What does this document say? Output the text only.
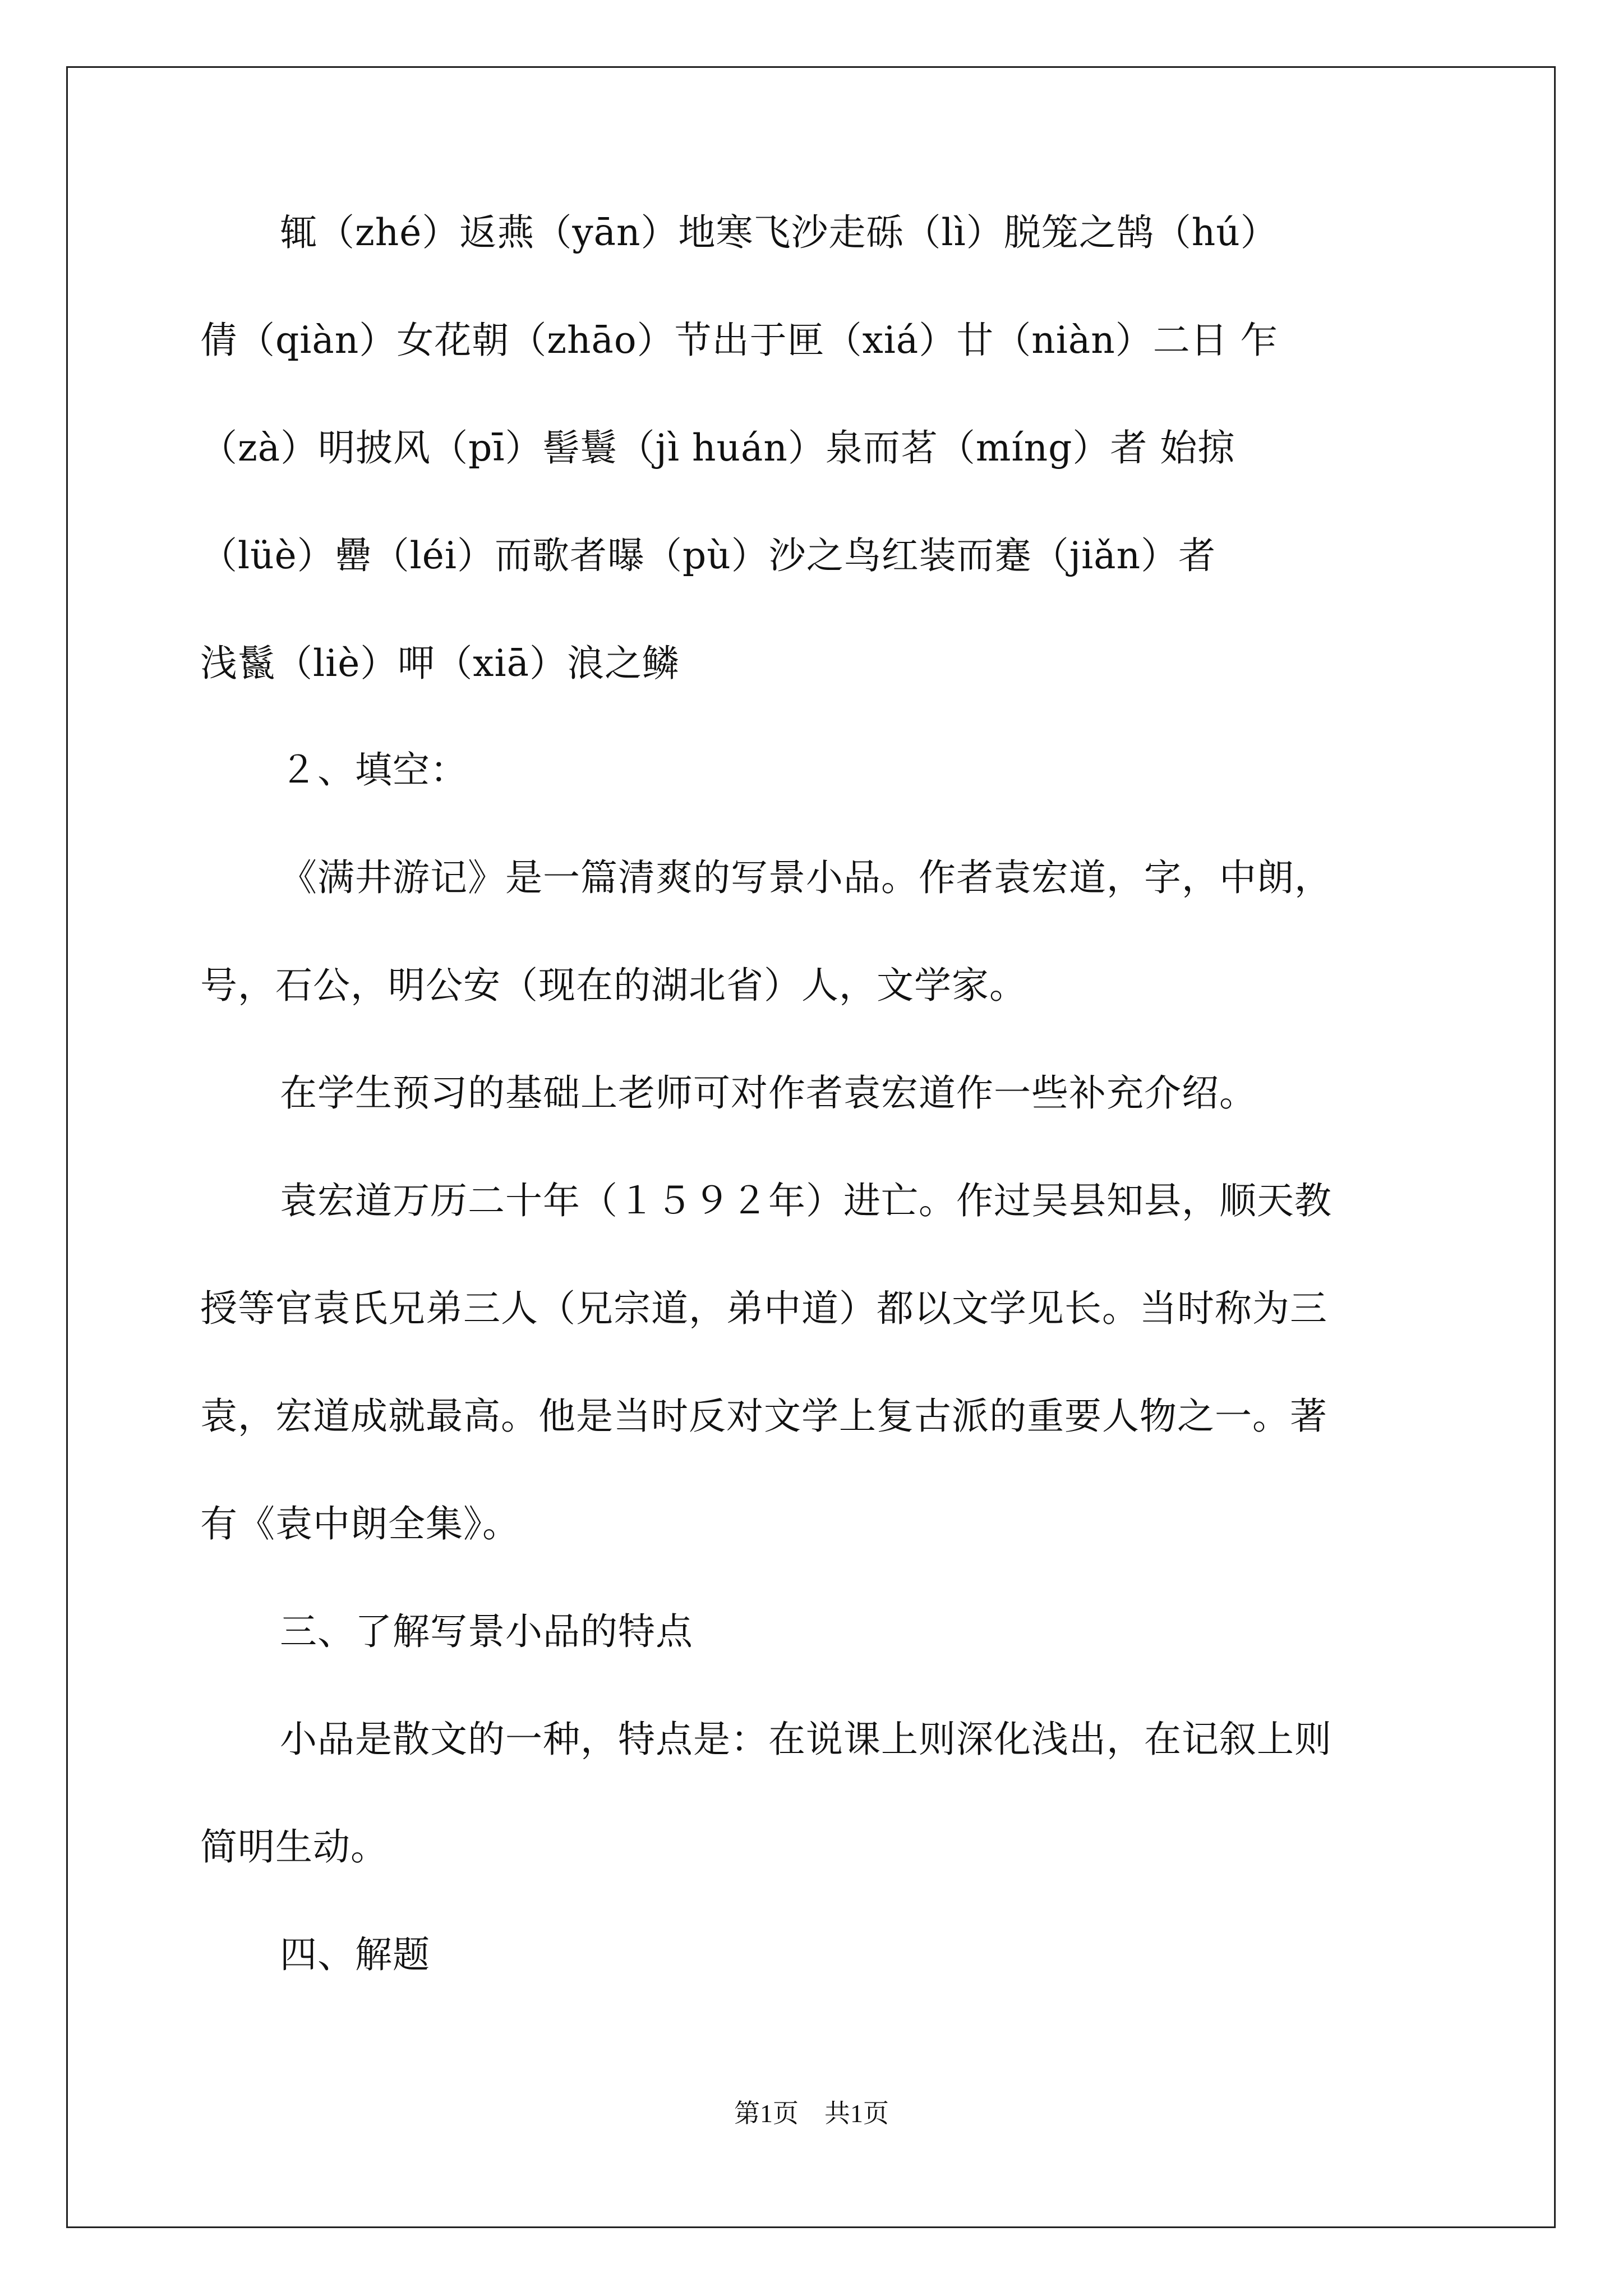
辄（zhé）返燕（yān）地寒飞沙走砾（lì）脱笼之鹄（hú）
倩（qiàn）女花朝（zhāo）节出于匣（xiá）廿（niàn）二日 乍
（zà）明披风（pī）髻鬟（jì huán）泉而茗（míng）者 始掠
（lüè）罍（léi）而歌者曝（pù）沙之鸟红装而蹇（jiǎn）者
浅鬣（liè）呷（xiā）浪之鳞
２、填空：
《满井游记》是一篇清爽的写景小品。作者袁宏道，字，中朗，
号，石公，明公安（现在的湖北省）人，文学家。
在学生预习的基础上老师可对作者袁宏道作一些补充介绍。
袁宏道万历二十年（１５９２年）进亡。作过吴县知县，顺天教
授等官袁氏兄弟三人（兄宗道，弟中道）都以文学见长。当时称为三
袁，宏道成就最高。他是当时反对文学上复古派的重要人物之一。著
有《袁中朗全集》。
三、了解写景小品的特点
小品是散文的一种，特点是：在说课上则深化浅出，在记叙上则
简明生动。
四、解题
第1页　共1页
